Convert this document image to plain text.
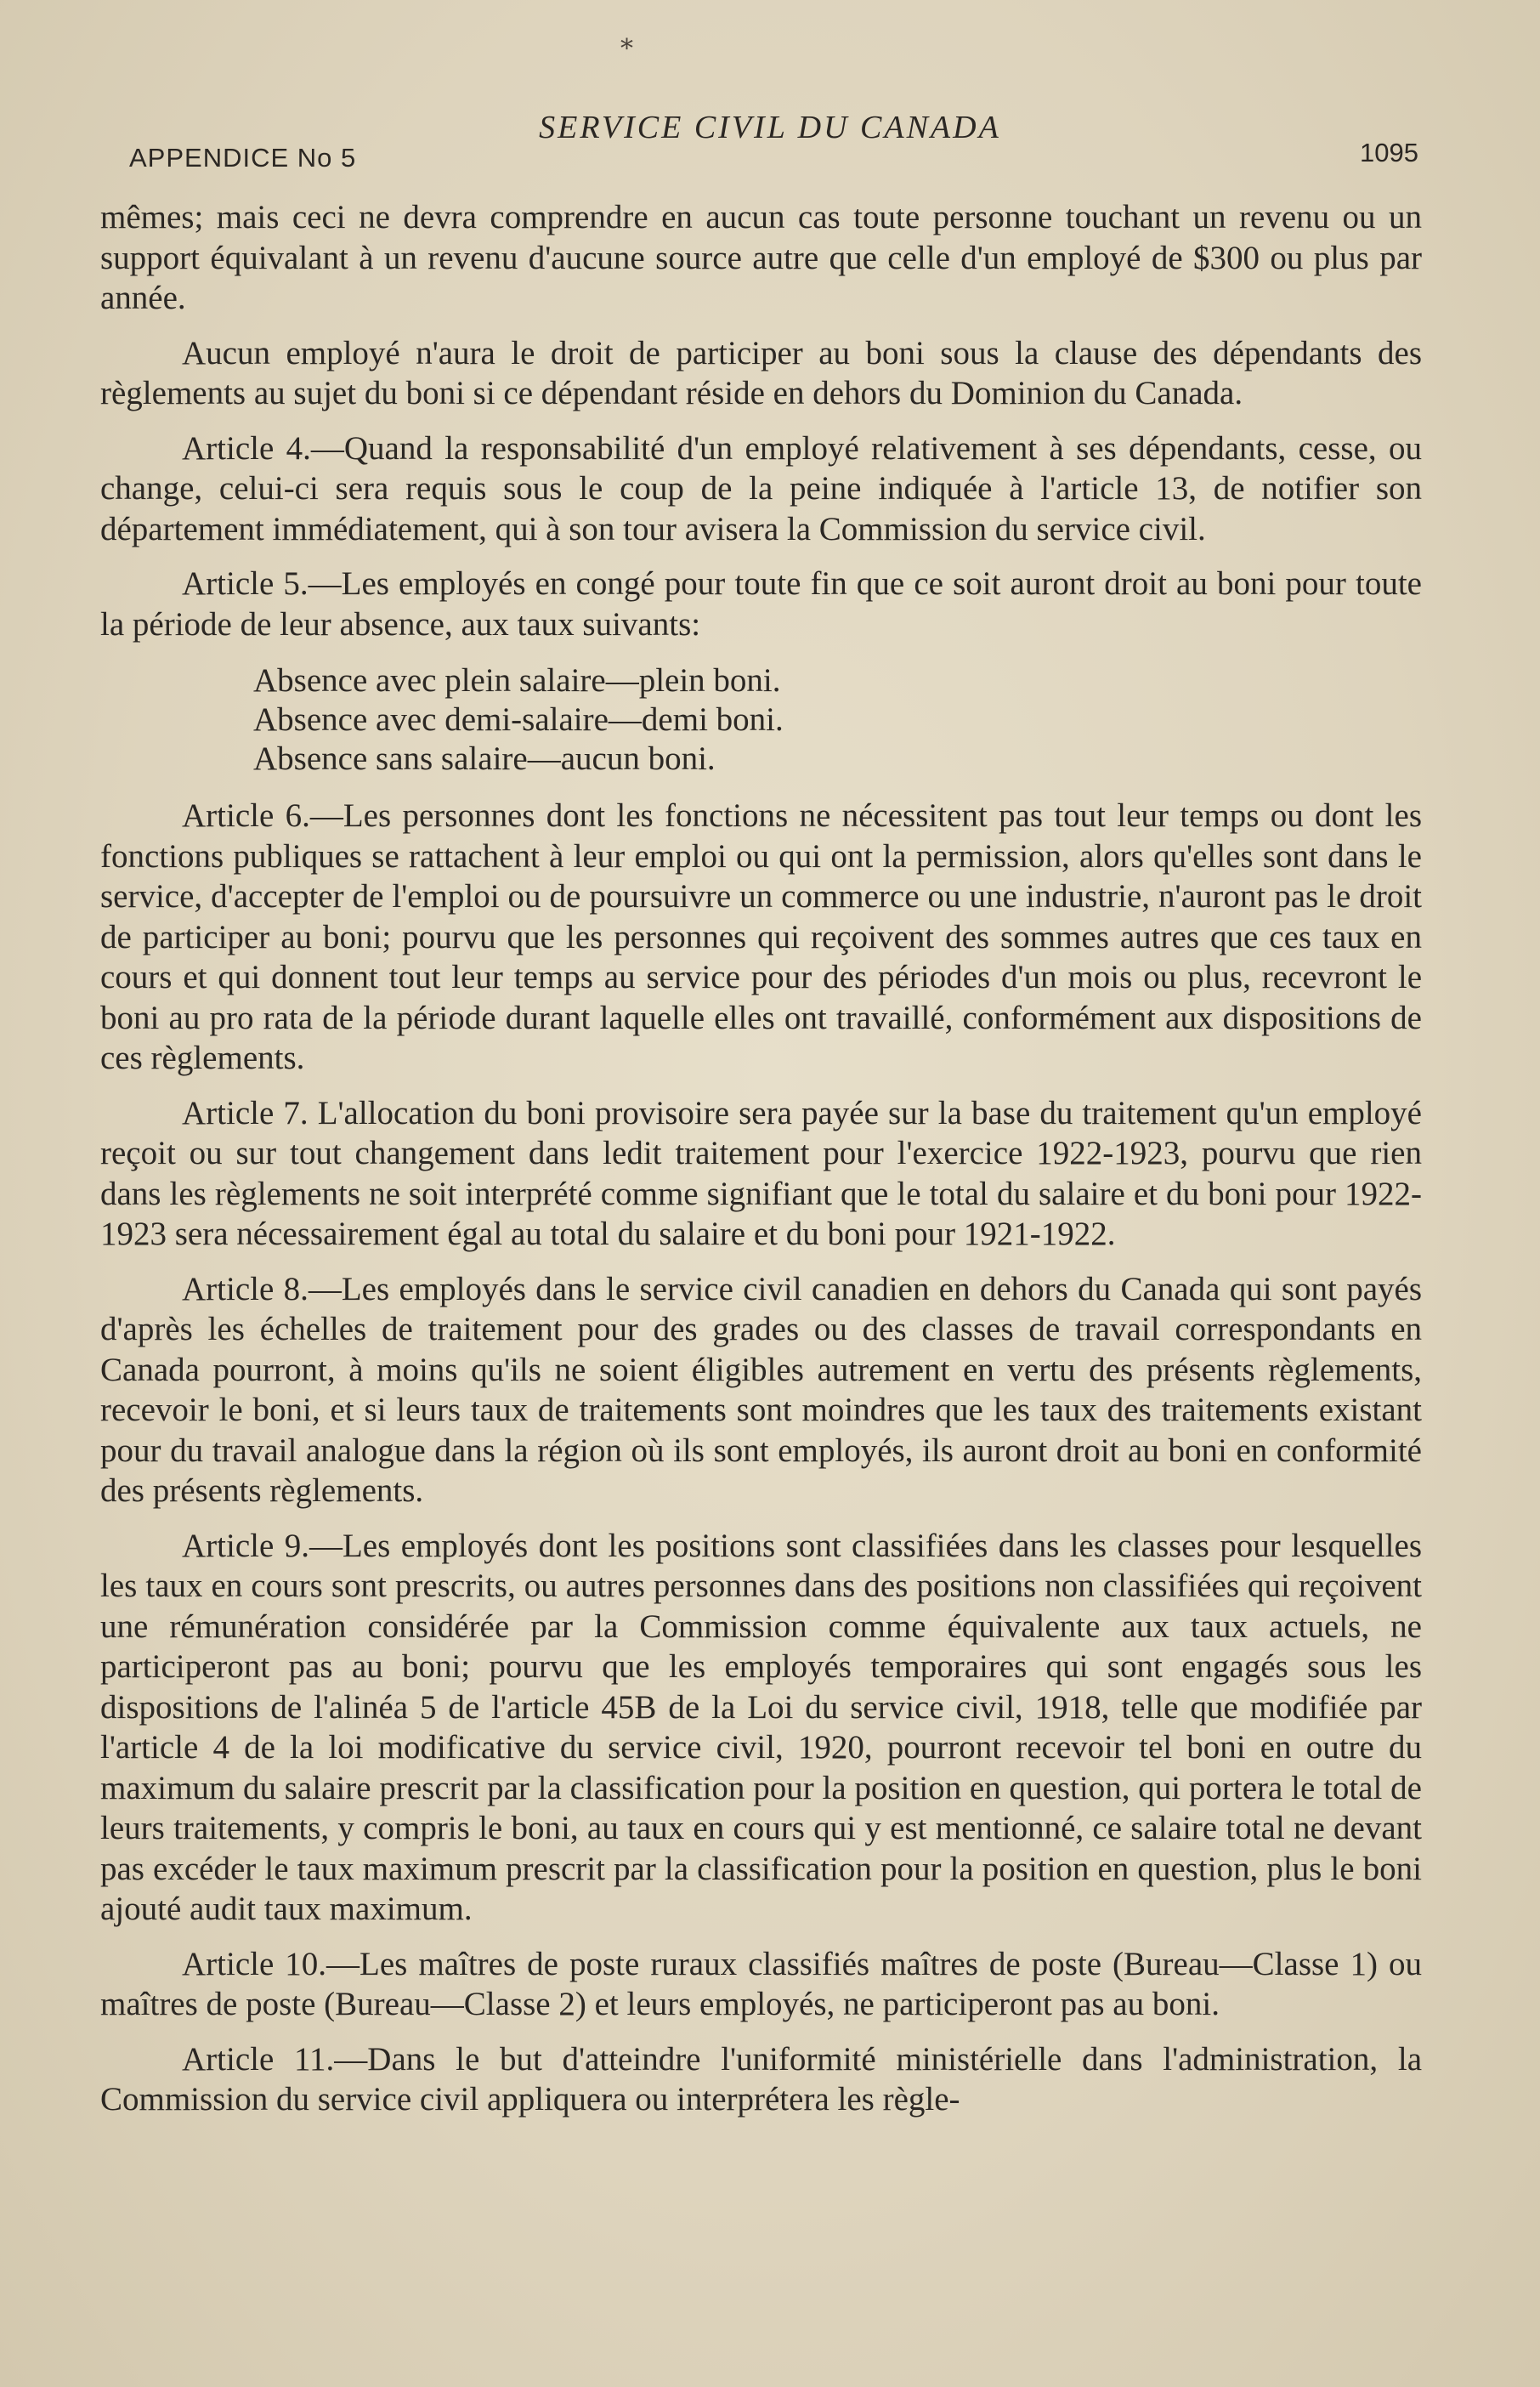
*
SERVICE CIVIL DU CANADA
APPENDICE No 5	1095

mêmes; mais ceci ne devra comprendre en aucun cas toute personne touchant un revenu ou un support équivalant à un revenu d'aucune source autre que celle d'un employé de $300 ou plus par année.

Aucun employé n'aura le droit de participer au boni sous la clause des dépendants des règlements au sujet du boni si ce dépendant réside en dehors du Dominion du Canada.

Article 4.—Quand la responsabilité d'un employé relativement à ses dépendants, cesse, ou change, celui-ci sera requis sous le coup de la peine indiquée à l'article 13, de notifier son département immédiatement, qui à son tour avisera la Commission du service civil.

Article 5.—Les employés en congé pour toute fin que ce soit auront droit au boni pour toute la période de leur absence, aux taux suivants:

Absence avec plein salaire—plein boni.
Absence avec demi-salaire—demi boni.
Absence sans salaire—aucun boni.

Article 6.—Les personnes dont les fonctions ne nécessitent pas tout leur temps ou dont les fonctions publiques se rattachent à leur emploi ou qui ont la permission, alors qu'elles sont dans le service, d'accepter de l'emploi ou de poursuivre un commerce ou une industrie, n'auront pas le droit de participer au boni; pourvu que les personnes qui reçoivent des sommes autres que ces taux en cours et qui donnent tout leur temps au service pour des périodes d'un mois ou plus, recevront le boni au pro rata de la période durant laquelle elles ont travaillé, conformément aux dispositions de ces règlements.

Article 7. L'allocation du boni provisoire sera payée sur la base du traitement qu'un employé reçoit ou sur tout changement dans ledit traitement pour l'exercice 1922-1923, pourvu que rien dans les règlements ne soit interprété comme signifiant que le total du salaire et du boni pour 1922-1923 sera nécessairement égal au total du salaire et du boni pour 1921-1922.

Article 8.—Les employés dans le service civil canadien en dehors du Canada qui sont payés d'après les échelles de traitement pour des grades ou des classes de travail correspondants en Canada pourront, à moins qu'ils ne soient éligibles autrement en vertu des présents règlements, recevoir le boni, et si leurs taux de traitements sont moindres que les taux des traitements existant pour du travail analogue dans la région où ils sont employés, ils auront droit au boni en conformité des présents règlements.

Article 9.—Les employés dont les positions sont classifiées dans les classes pour lesquelles les taux en cours sont prescrits, ou autres personnes dans des positions non classifiées qui reçoivent une rémunération considérée par la Commission comme équivalente aux taux actuels, ne participeront pas au boni; pourvu que les employés temporaires qui sont engagés sous les dispositions de l'alinéa 5 de l'article 45B de la Loi du service civil, 1918, telle que modifiée par l'article 4 de la loi modificative du service civil, 1920, pourront recevoir tel boni en outre du maximum du salaire prescrit par la classification pour la position en question, qui portera le total de leurs traitements, y compris le boni, au taux en cours qui y est mentionné, ce salaire total ne devant pas excéder le taux maximum prescrit par la classification pour la position en question, plus le boni ajouté audit taux maximum.

Article 10.—Les maîtres de poste ruraux classifiés maîtres de poste (Bureau—Classe 1) ou maîtres de poste (Bureau—Classe 2) et leurs employés, ne participeront pas au boni.

Article 11.—Dans le but d'atteindre l'uniformité ministérielle dans l'administration, la Commission du service civil appliquera ou interprétera les règle-
